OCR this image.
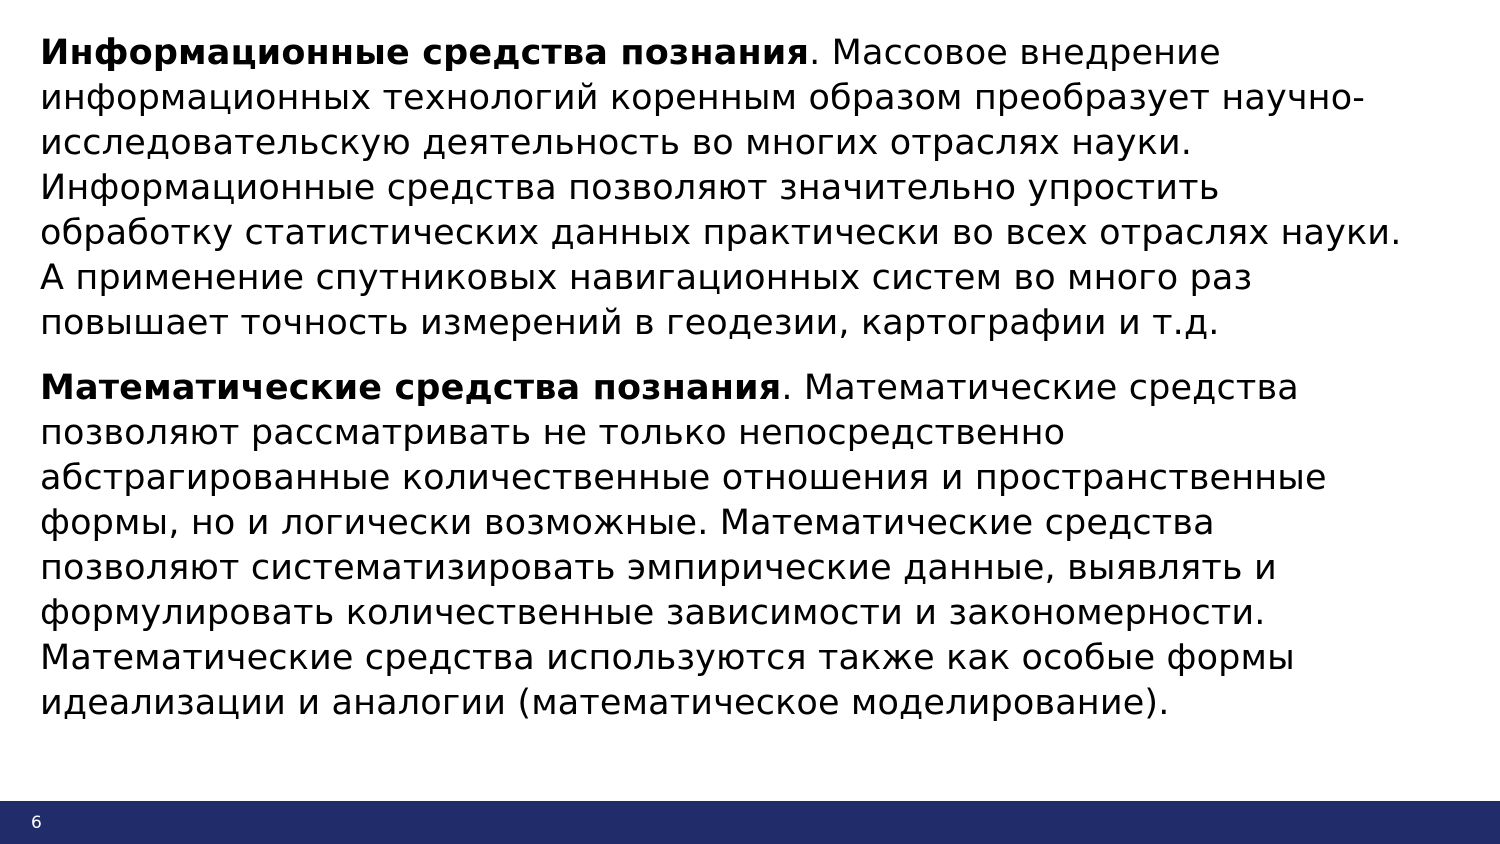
Информационные средства познания. Массовое внедрение
информационных технологий коренным образом преобразует научно-
исследовательскую деятельность во многих отраслях науки.
Информационные средства позволяют значительно упростить
обработку статистических данных практически во всех отраслях науки.
А применение спутниковых навигационных систем во много раз
повышает точность измерений в геодезии, картографии и т.д.

Математические средства познания. Математические средства
позволяют рассматривать не только непосредственно
абстрагированные количественные отношения и пространственные
формы, но и логически возможные. Математические средства
позволяют систематизировать эмпирические данные, выявлять и
формулировать количественные зависимости и закономерности.
Математические средства используются также как особые формы
идеализации и аналогии (математическое моделирование).

6
